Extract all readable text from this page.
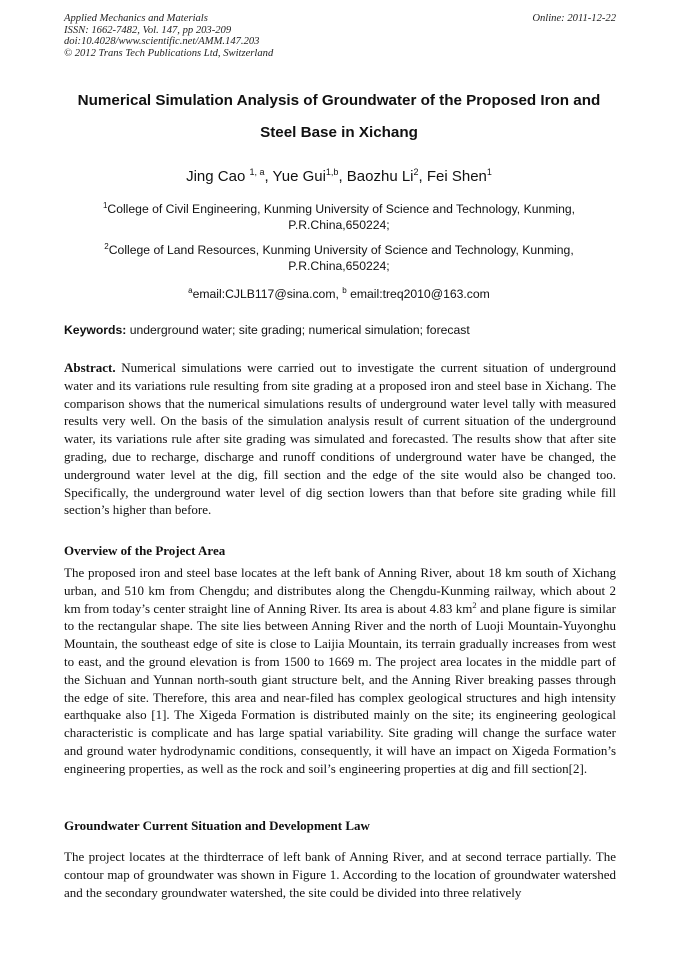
Applied Mechanics and Materials
ISSN: 1662-7482, Vol. 147, pp 203-209
doi:10.4028/www.scientific.net/AMM.147.203
© 2012 Trans Tech Publications Ltd, Switzerland
Online: 2011-12-22
Numerical Simulation Analysis of Groundwater of the Proposed Iron and
Steel Base in Xichang
Jing Cao $^{1, a}$, Yue Gui$^{1,b}$, Baozhu Li$^2$, Fei Shen$^1$
$^1$College of Civil Engineering, Kunming University of Science and Technology, Kunming, P.R.China,650224;
$^2$College of Land Resources, Kunming University of Science and Technology, Kunming, P.R.China,650224;
$^a$email:CJLB117@sina.com, $^b$ email:treq2010@163.com
Keywords: underground water; site grading; numerical simulation; forecast
Abstract. Numerical simulations were carried out to investigate the current situation of underground water and its variations rule resulting from site grading at a proposed iron and steel base in Xichang. The comparison shows that the numerical simulations results of underground water level tally with measured results very well. On the basis of the simulation analysis result of current situation of the underground water, its variations rule after site grading was simulated and forecasted. The results show that after site grading, due to recharge, discharge and runoff conditions of underground water have be changed, the underground water level at the dig, fill section and the edge of the site would also be changed too. Specifically, the underground water level of dig section lowers than that before site grading while fill section’s higher than before.
Overview of the Project Area
The proposed iron and steel base locates at the left bank of Anning River, about 18 km south of Xichang urban, and 510 km from Chengdu; and distributes along the Chengdu-Kunming railway, which about 2 km from today’s center straight line of Anning River. Its area is about 4.83 $km^2$ and plane figure is similar to the rectangular shape. The site lies between Anning River and the north of Luoji Mountain-Yuyonghu Mountain, the southeast edge of site is close to Laijia Mountain, its terrain gradually increases from west to east, and the ground elevation is from 1500 to 1669 m. The project area locates in the middle part of the Sichuan and Yunnan north-south giant structure belt, and the Anning River breaking passes through the edge of site. Therefore, this area and near-filed has complex geological structures and high intensity earthquake also [1]. The Xigeda Formation is distributed mainly on the site; its engineering geological characteristic is complicate and has large spatial variability. Site grading will change the surface water and ground water hydrodynamic conditions, consequently, it will have an impact on Xigeda Formation’s engineering properties, as well as the rock and soil’s engineering properties at dig and fill section[2].
Groundwater Current Situation and Development Law
The project locates at the thirdterrace of left bank of Anning River, and at second terrace partially. The contour map of groundwater was shown in Figure 1. According to the location of groundwater watershed and the secondary groundwater watershed, the site could be divided into three relatively
